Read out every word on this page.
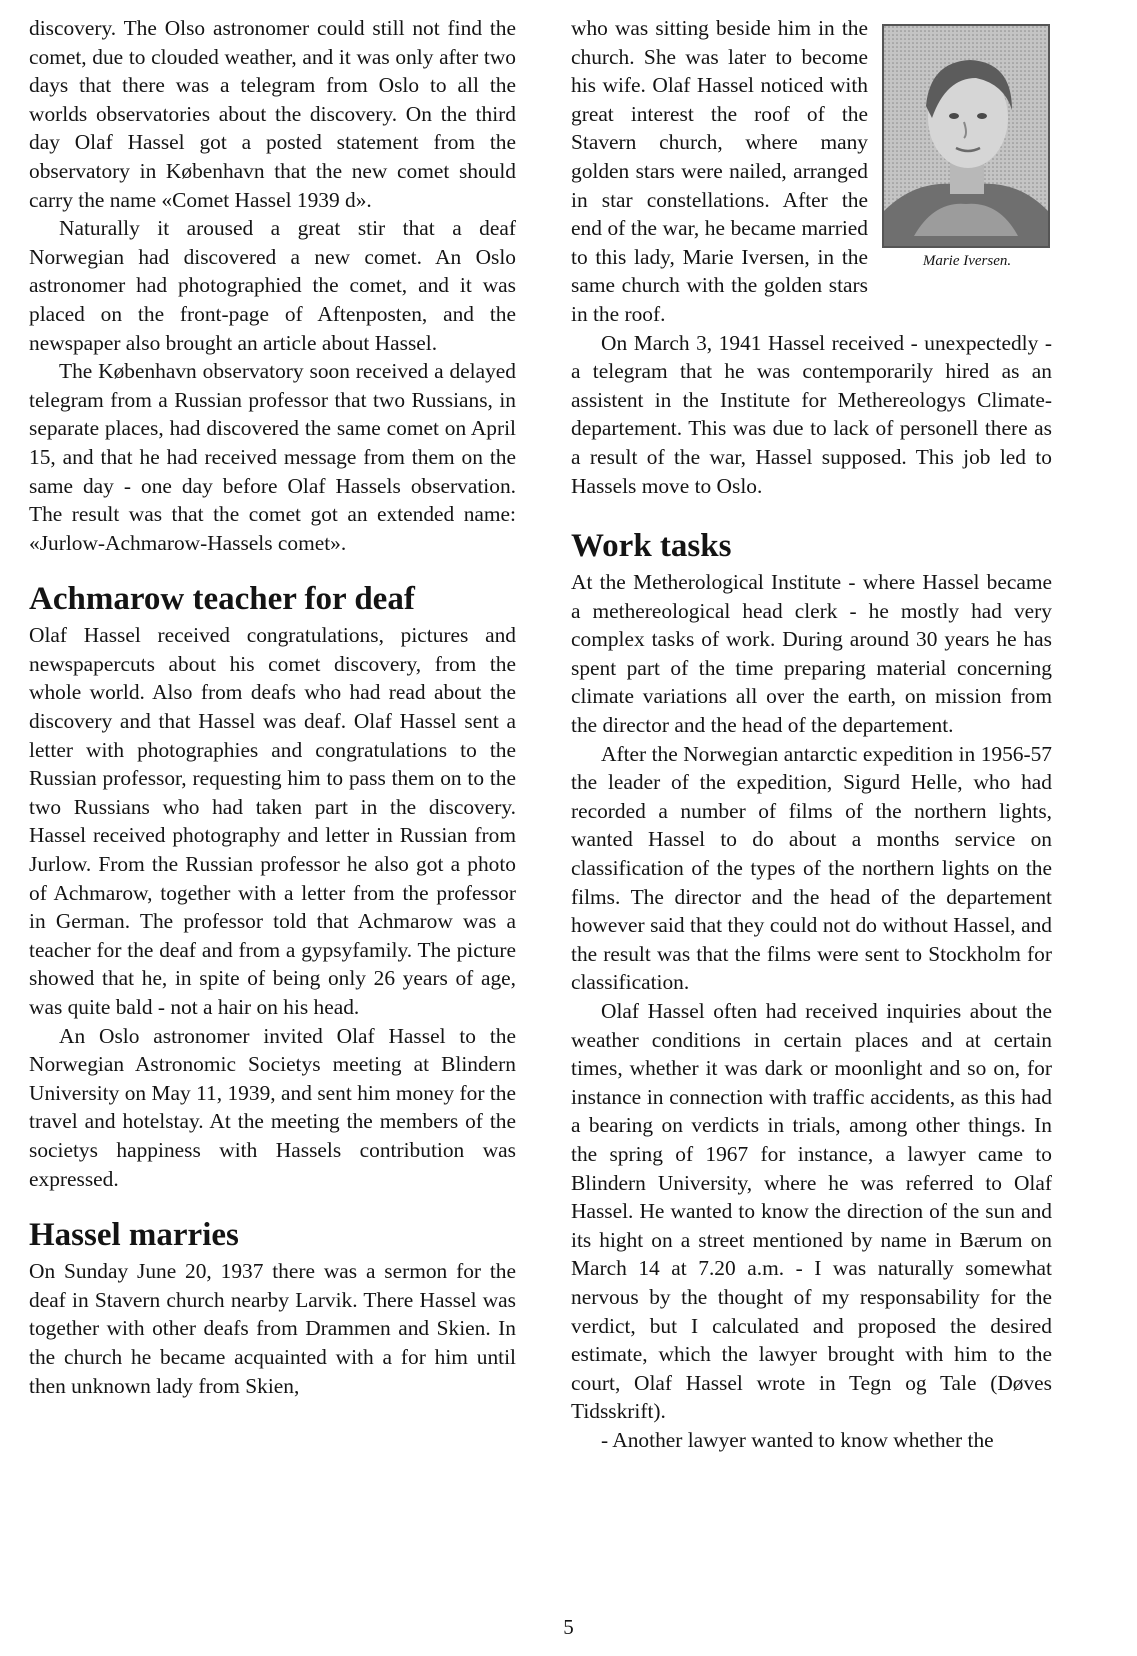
discovery. The Olso astronomer could still not find the comet, due to clouded weather, and it was only after two days that there was a telegram from Oslo to all the worlds observatories about the discovery. On the third day Olaf Hassel got a posted statement from the observatory in København that the new comet should carry the name «Comet Hassel 1939 d».

Naturally it aroused a great stir that a deaf Norwegian had discovered a new comet. An Oslo astronomer had photographied the comet, and it was placed on the front-page of Aftenposten, and the newspaper also brought an article about Hassel.

The København observatory soon received a delayed telegram from a Russian professor that two Russians, in separate places, had discovered the same comet on April 15, and that he had received message from them on the same day - one day before Olaf Hassels observation. The result was that the comet got an extended name: «Jurlow-Achmarow-Hassels comet».

Achmarow teacher for deaf

Olaf Hassel received congratulations, pictures and newspapercuts about his comet discovery, from the whole world. Also from deafs who had read about the discovery and that Hassel was deaf. Olaf Hassel sent a letter with photographies and congratulations to the Russian professor, requesting him to pass them on to the two Russians who had taken part in the discovery. Hassel received photography and letter in Russian from Jurlow. From the Russian professor he also got a photo of Achmarow, together with a letter from the professor in German. The professor told that Achmarow was a teacher for the deaf and from a gypsyfamily. The picture showed that he, in spite of being only 26 years of age, was quite bald - not a hair on his head.

An Oslo astronomer invited Olaf Hassel to the Norwegian Astronomic Societys meeting at Blindern University on May 11, 1939, and sent him money for the travel and hotelstay. At the meeting the members of the societys happiness with Hassels contribution was expressed.

Hassel marries

On Sunday June 20, 1937 there was a sermon for the deaf in Stavern church nearby Larvik. There Hassel was together with other deafs from Drammen and Skien. In the church he became acquainted with a for him until then unknown lady from Skien,

Marie Iversen.

who was sitting beside him in the church. She was later to become his wife. Olaf Hassel noticed with great interest the roof of the Stavern church, where many golden stars were nailed, arranged in star constellations. After the end of the war, he became married to this lady, Marie Iversen, in the same church with the golden stars in the roof.

On March 3, 1941 Hassel received - unexpectedly - a telegram that he was contemporarily hired as an assistent in the Institute for Methereologys Climate-departement. This was due to lack of personell there as a result of the war, Hassel supposed. This job led to Hassels move to Oslo.

Work tasks

At the Metherological Institute - where Hassel became a methereological head clerk - he mostly had very complex tasks of work. During around 30 years he has spent part of the time preparing material concerning climate variations all over the earth, on mission from the director and the head of the departement.

After the Norwegian antarctic expedition in 1956-57 the leader of the expedition, Sigurd Helle, who had recorded a number of films of the northern lights, wanted Hassel to do about a months service on classification of the types of the northern lights on the films. The director and the head of the departement however said that they could not do without Hassel, and the result was that the films were sent to Stockholm for classification.

Olaf Hassel often had received inquiries about the weather conditions in certain places and at certain times, whether it was dark or moonlight and so on, for instance in connection with traffic accidents, as this had a bearing on verdicts in trials, among other things. In the spring of 1967 for instance, a lawyer came to Blindern University, where he was referred to Olaf Hassel. He wanted to know the direction of the sun and its hight on a street mentioned by name in Bærum on March 14 at 7.20 a.m. - I was naturally somewhat nervous by the thought of my responsability for the verdict, but I calculated and proposed the desired estimate, which the lawyer brought with him to the court, Olaf Hassel wrote in Tegn og Tale (Døves Tidsskrift).

- Another lawyer wanted to know whether the

5
